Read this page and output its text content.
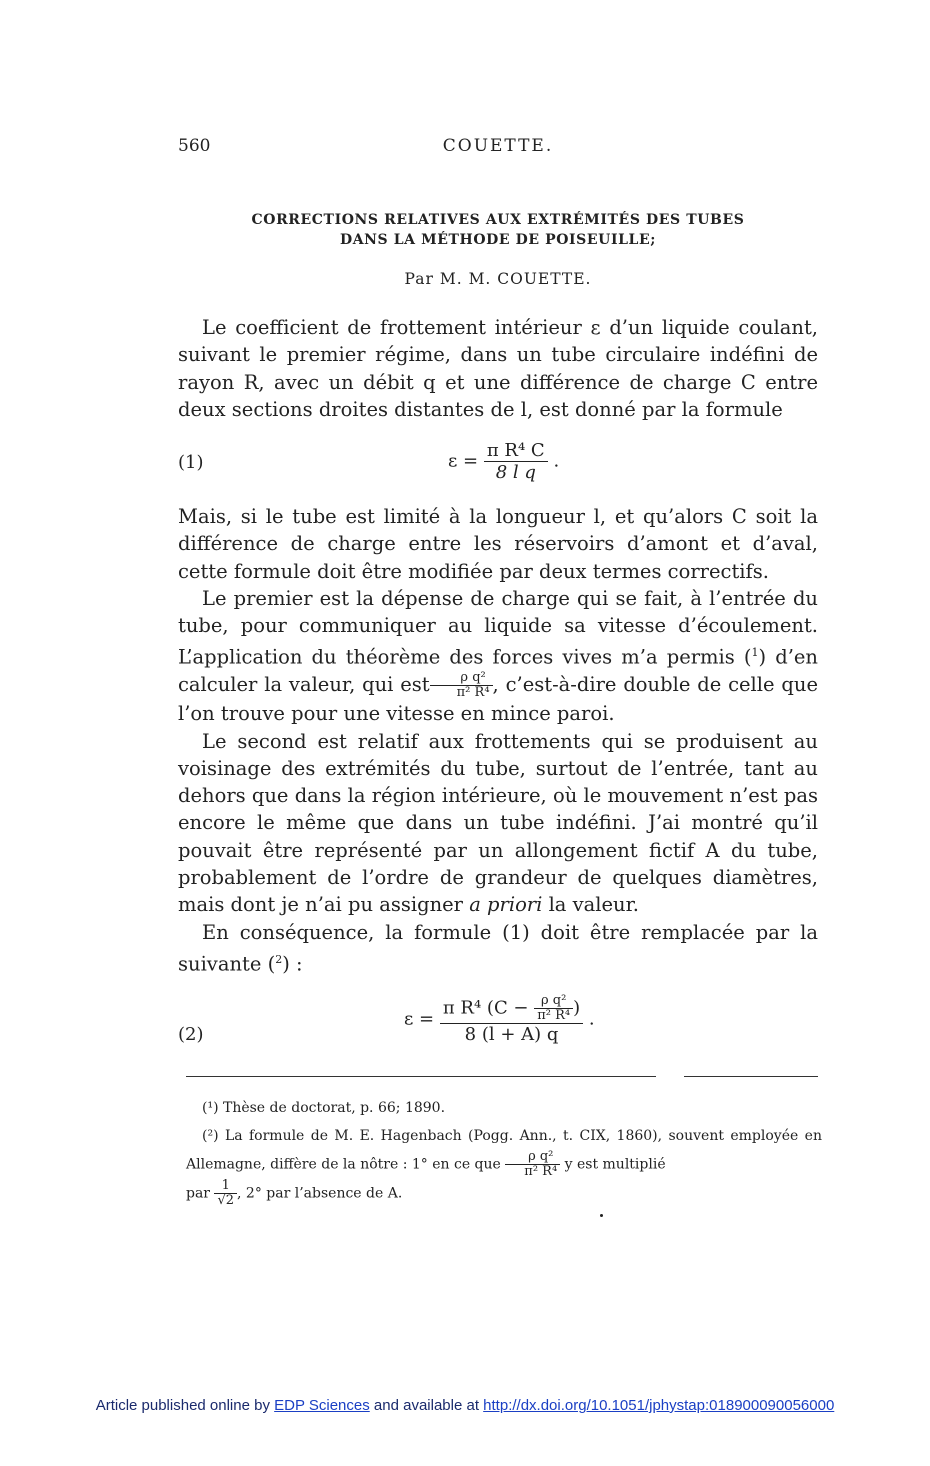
560	COUETTE.
CORRECTIONS RELATIVES AUX EXTRÉMITÉS DES TUBES
DANS LA MÉTHODE DE POISEUILLE;
Par M. M. COUETTE.

Le coefficient de frottement intérieur ε d’un liquide coulant, suivant le premier régime, dans un tube circulaire indéfini de rayon R, avec un débit q et une différence de charge C entre deux sections droites distantes de l, est donné par la formule

(1)	$\varepsilon = \frac{\text{π R⁴ C}}{\text{8 l q}}$ .

Mais, si le tube est limité à la longueur l, et qu’alors C soit la différence de charge entre les réservoirs d’amont et d’aval, cette formule doit être modifiée par deux termes correctifs.

Le premier est la dépense de charge qui se fait, à l’entrée du tube, pour communiquer au liquide sa vitesse d’écoulement. L’application du théorème des forces vives m’a permis ($^1$) d’en calculer la valeur, qui est $\frac{\text{ρ q²}}{\text{π² R⁴}}$ , c’est-à-dire double de celle que l’on trouve pour une vitesse en mince paroi.

Le second est relatif aux frottements qui se produisent au voisinage des extrémités du tube, surtout de l’entrée, tant au dehors que dans la région intérieure, où le mouvement n’est pas encore le même que dans un tube indéfini. J’ai montré qu’il pouvait être représenté par un allongement fictif A du tube, probablement de l’ordre de grandeur de quelques diamètres, mais dont je n’ai pu assigner a priori la valeur.

En conséquence, la formule (1) doit être remplacée par la suivante ($^2$) :

(2)
$\varepsilon = \frac{\pi R^4 (C - \frac{\text{ρ q²}}{\text{π² R⁴}} )}{8 (l + A) q}$ .

(¹) Thèse de doctorat, p. 66; 1890.

(²) La formule de M. E. Hagenbach (Pogg. Ann., t. CIX, 1860), souvent employée en Allemagne, diffère de la nôtre : 1° en ce que $\frac{\text{ρ q²}}{\text{π² R⁴}}$ y est multiplié

par $\frac{1}{√2}$ , 2° par l’absence de A.

Article published online by EDP Sciences and available at http://dx.doi.org/10.1051/jphystap:018900090056000
